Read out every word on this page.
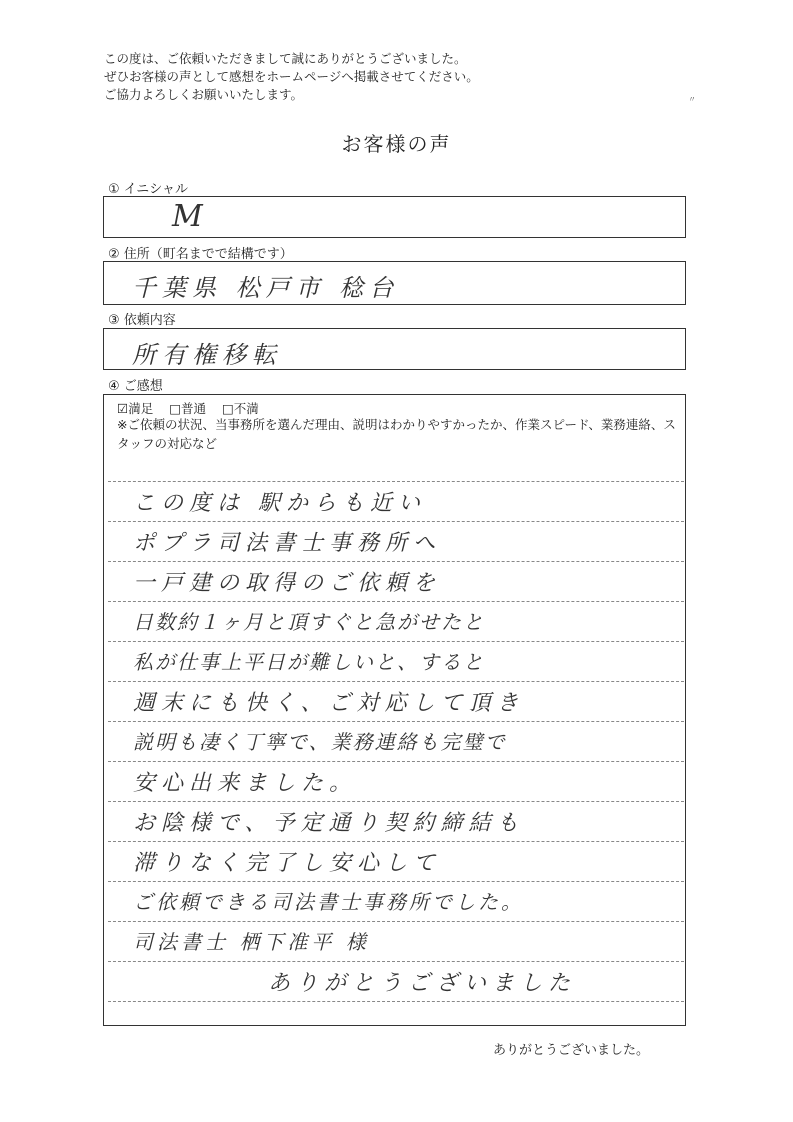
この度は、ご依頼いただきまして誠にありがとうございました。
ぜひお客様の声として感想をホームページへ掲載させてください。
ご協力よろしくお願いいたします。	〃
お客様の声
① イニシャル
M
② 住所（町名までで結構です）
千葉県 松戸市 稔台
③ 依頼内容
所有権移転
④ ご感想
☑満足 □普通 □不満
※ご依頼の状況、当事務所を選んだ理由、説明はわかりやすかったか、作業スピード、業務連絡、スタッフの対応など
この度は 駅からも近い
ポプラ司法書士事務所へ
一戸建の取得のご依頼を
日数約１ヶ月と頂すぐと急がせたと
私が仕事上平日が難しいと、すると
週末にも快く、ご対応して頂き
説明も凄く丁寧で、業務連絡も完璧で
安心出来ました。
お陰様で、予定通り契約締結も
滞りなく完了し安心して
ご依頼できる司法書士事務所でした。
司法書士 栖下准平 様
ありがとうございました
ありがとうございました。
